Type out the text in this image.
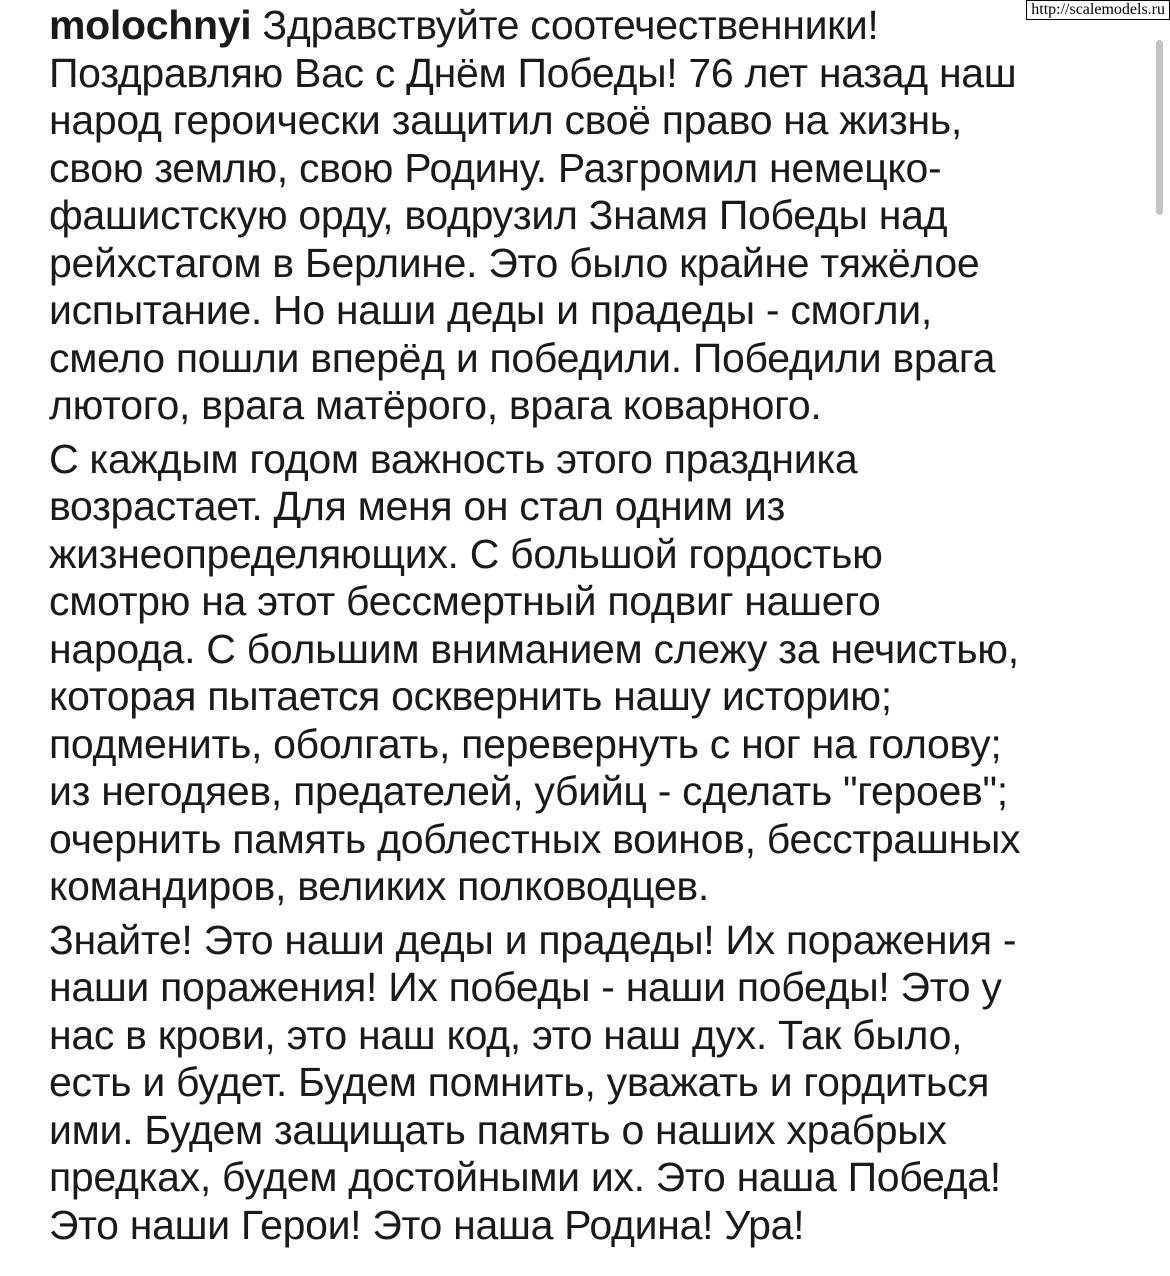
http://scalemodels.ru

molochnyi Здравствуйте соотечественники!
Поздравляю Вас с Днём Победы! 76 лет назад наш
народ героически защитил своё право на жизнь,
свою землю, свою Родину. Разгромил немецко-
фашистскую орду, водрузил Знамя Победы над
рейхстагом в Берлине. Это было крайне тяжёлое
испытание. Но наши деды и прадеды - смогли,
смело пошли вперёд и победили. Победили врага
лютого, врага матёрого, врага коварного.

С каждым годом важность этого праздника
возрастает. Для меня он стал одним из
жизнеопределяющих. С большой гордостью
смотрю на этот бессмертный подвиг нашего
народа. С большим вниманием слежу за нечистью,
которая пытается осквернить нашу историю;
подменить, оболгать, перевернуть с ног на голову;
из негодяев, предателей, убийц - сделать "героев";
очернить память доблестных воинов, бесстрашных
командиров, великих полководцев.

Знайте! Это наши деды и прадеды! Их поражения -
наши поражения! Их победы - наши победы! Это у
нас в крови, это наш код, это наш дух. Так было,
есть и будет. Будем помнить, уважать и гордиться
ими. Будем защищать память о наших храбрых
предках, будем достойными их. Это наша Победа!
Это наши Герои! Это наша Родина! Ура!
